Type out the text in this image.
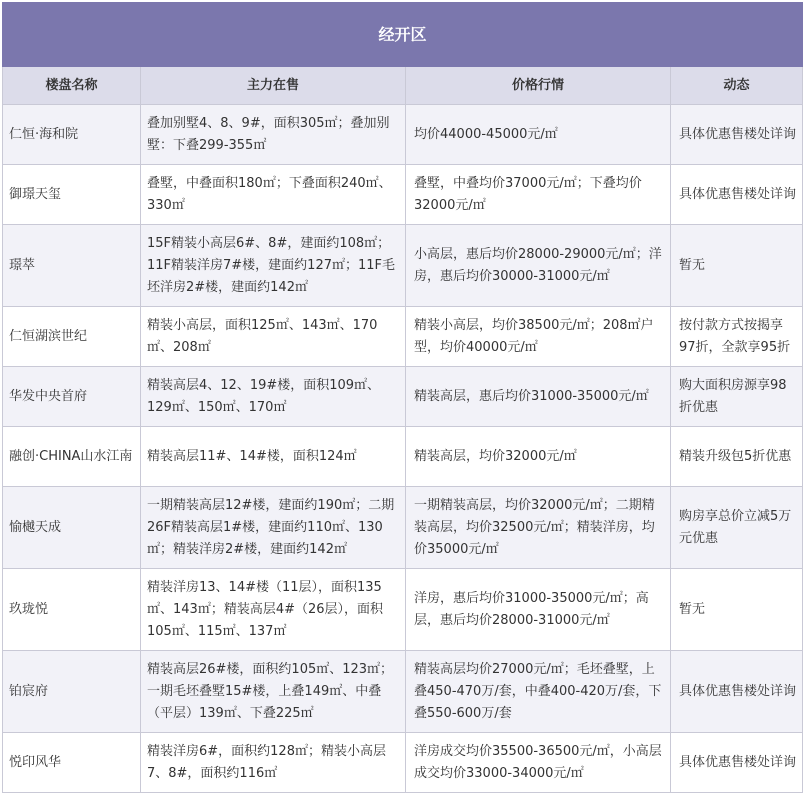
经开区			
楼盘名称	主力在售	价格行情	动态
仁恒·海和院	叠加别墅4、8、9#，面积305㎡；叠加别墅：下叠299-355㎡	均价44000-45000元/㎡	具体优惠售楼处详询
御璟天玺	叠墅，中叠面积180㎡；下叠面积240㎡、330㎡	叠墅，中叠均价37000元/㎡；下叠均价32000元/㎡	具体优惠售楼处详询
璟萃	15F精装小高层6#、8#，建面约108㎡；11F精装洋房7#楼，建面约127㎡；11F毛坯洋房2#楼，建面约142㎡	小高层，惠后均价28000-29000元/㎡；洋房，惠后均价30000-31000元/㎡	暂无
仁恒湖滨世纪	精装小高层，面积125㎡、143㎡、170㎡、208㎡	精装小高层，均价38500元/㎡；208㎡户型，均价40000元/㎡	按付款方式按揭享97折，全款享95折
华发中央首府	精装高层4、12、19#楼，面积109㎡、129㎡、150㎡、170㎡	精装高层，惠后均价31000-35000元/㎡	购大面积房源享98折优惠
融创·CHINA山水江南	精装高层11#、14#楼，面积124㎡	精装高层，均价32000元/㎡	精装升级包5折优惠
愉樾天成	一期精装高层12#楼，建面约190㎡；二期26F精装高层1#楼，建面约110㎡、130㎡；精装洋房2#楼，建面约142㎡	一期精装高层，均价32000元/㎡；二期精装高层，均价32500元/㎡；精装洋房，均价35000元/㎡	购房享总价立减5万元优惠
玖珑悦	精装洋房13、14#楼（11层），面积135㎡、143㎡；精装高层4#（26层），面积105㎡、115㎡、137㎡	洋房，惠后均价31000-35000元/㎡；高层，惠后均价28000-31000元/㎡	暂无
铂宸府	精装高层26#楼，面积约105㎡、123㎡；一期毛坯叠墅15#楼，上叠149㎡、中叠（平层）139㎡、下叠225㎡	精装高层均价27000元/㎡；毛坯叠墅，上叠450-470万/套，中叠400-420万/套，下叠550-600万/套	具体优惠售楼处详询
悦印风华	精装洋房6#，面积约128㎡；精装小高层7、8#，面积约116㎡	洋房成交均价35500-36500元/㎡，小高层成交均价33000-34000元/㎡	具体优惠售楼处详询
